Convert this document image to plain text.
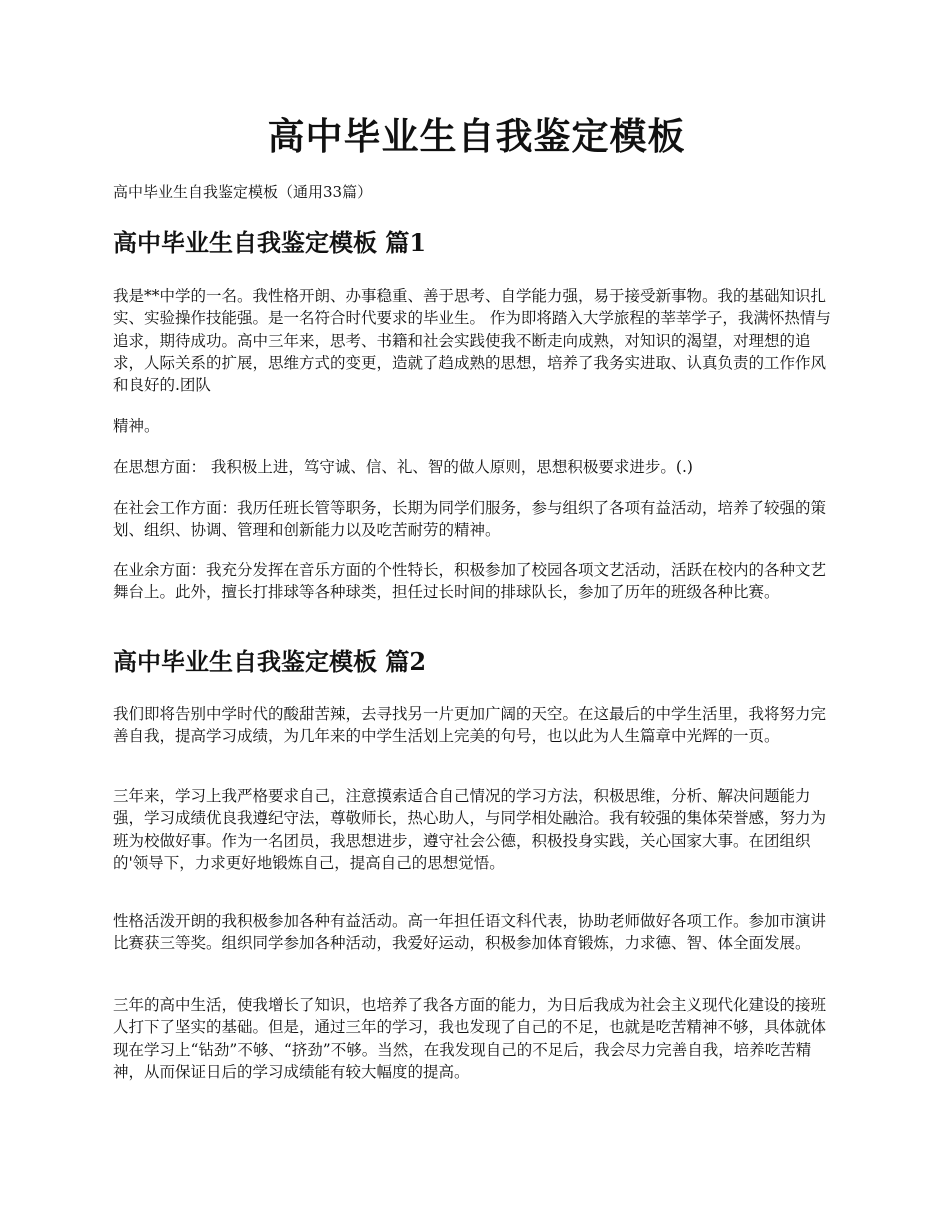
高中毕业生自我鉴定模板

高中毕业生自我鉴定模板（通用33篇）

高中毕业生自我鉴定模板 篇1

我是**中学的一名。我性格开朗、办事稳重、善于思考、自学能力强，易于接受新事物。我的基础知识扎实、实验操作技能强。是一名符合时代要求的毕业生。 作为即将踏入大学旅程的莘莘学子，我满怀热情与追求，期待成功。高中三年来，思考、书籍和社会实践使我不断走向成熟，对知识的渴望，对理想的追求，人际关系的扩展，思维方式的变更，造就了趋成熟的思想，培养了我务实进取、认真负责的工作作风和良好的.团队

精神。

在思想方面： 我积极上进，笃守诚、信、礼、智的做人原则，思想积极要求进步。(.)

在社会工作方面：我历任班长管等职务，长期为同学们服务，参与组织了各项有益活动，培养了较强的策划、组织、协调、管理和创新能力以及吃苦耐劳的精神。

在业余方面：我充分发挥在音乐方面的个性特长，积极参加了校园各项文艺活动，活跃在校内的各种文艺舞台上。此外，擅长打排球等各种球类，担任过长时间的排球队长，参加了历年的班级各种比赛。

高中毕业生自我鉴定模板 篇2

我们即将告别中学时代的酸甜苦辣，去寻找另一片更加广阔的天空。在这最后的中学生活里，我将努力完善自我，提高学习成绩，为几年来的中学生活划上完美的句号，也以此为人生篇章中光辉的一页。

三年来，学习上我严格要求自己，注意摸索适合自己情况的学习方法，积极思维，分析、解决问题能力强，学习成绩优良我遵纪守法，尊敬师长，热心助人，与同学相处融洽。我有较强的集体荣誉感，努力为班为校做好事。作为一名团员，我思想进步，遵守社会公德，积极投身实践，关心国家大事。在团组织的'领导下，力求更好地锻炼自己，提高自己的思想觉悟。

性格活泼开朗的我积极参加各种有益活动。高一年担任语文科代表，协助老师做好各项工作。参加市演讲比赛获三等奖。组织同学参加各种活动，我爱好运动，积极参加体育锻炼，力求德、智、体全面发展。

三年的高中生活，使我增长了知识，也培养了我各方面的能力，为日后我成为社会主义现代化建设的接班人打下了坚实的基础。但是，通过三年的学习，我也发现了自己的不足，也就是吃苦精神不够，具体就体现在学习上“钻劲”不够、“挤劲”不够。当然，在我发现自己的不足后，我会尽力完善自我，培养吃苦精神，从而保证日后的学习成绩能有较大幅度的提高。
